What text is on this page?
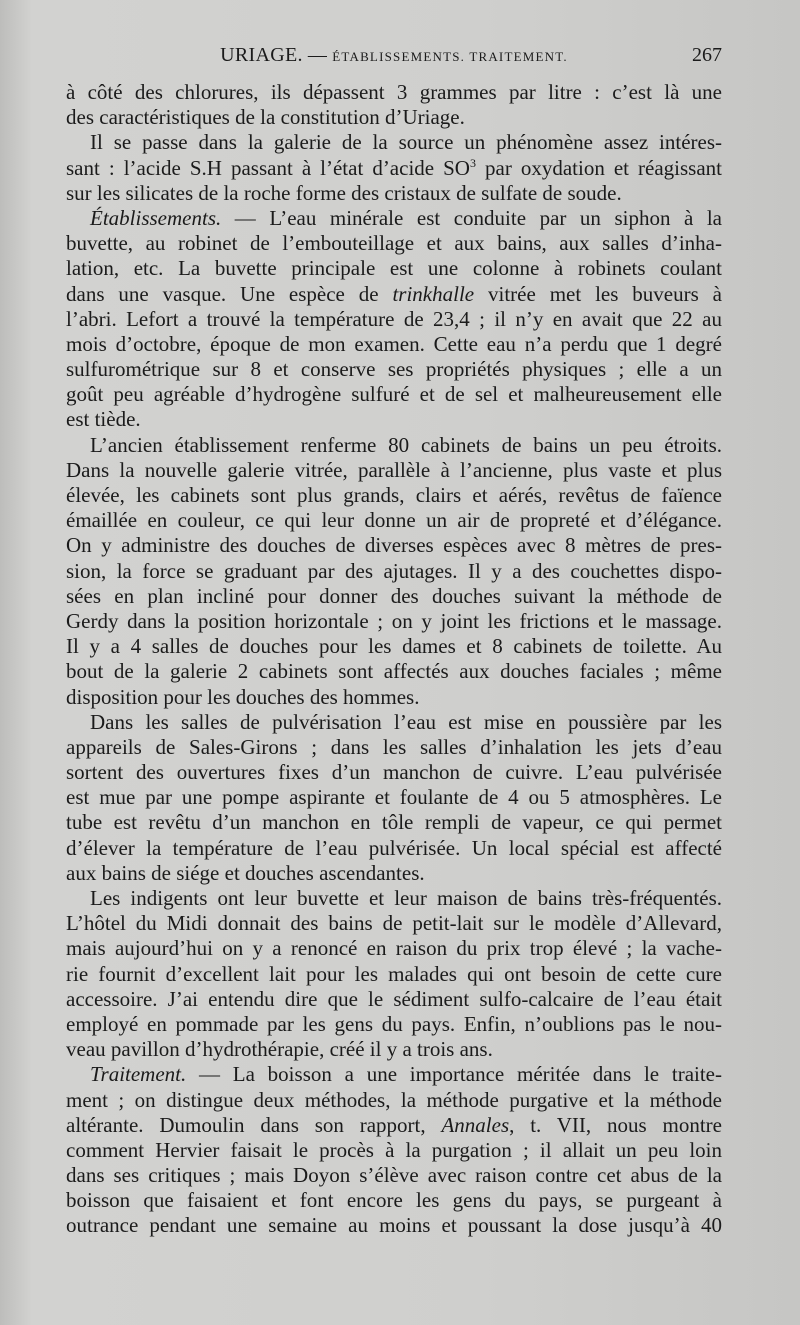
URIAGE. — ÉTABLISSEMENTS. TRAITEMENT.	267
à côté des chlorures, ils dépassent 3 grammes par litre : c’est là une
des caractéristiques de la constitution d’Uriage.
Il se passe dans la galerie de la source un phénomène assez intéres-
sant : l’acide S.H passant à l’état d’acide $SO^3$ par oxydation et réagissant
sur les silicates de la roche forme des cristaux de sulfate de soude.
Établissements. — L’eau minérale est conduite par un siphon à la
buvette, au robinet de l’embouteillage et aux bains, aux salles d’inha-
lation, etc. La buvette principale est une colonne à robinets coulant
dans une vasque. Une espèce de trinkhalle vitrée met les buveurs à
l’abri. Lefort a trouvé la température de 23,4 ; il n’y en avait que 22 au
mois d’octobre, époque de mon examen. Cette eau n’a perdu que 1 degré
sulfurométrique sur 8 et conserve ses propriétés physiques ; elle a un
goût peu agréable d’hydrogène sulfuré et de sel et malheureusement elle
est tiède.
L’ancien établissement renferme 80 cabinets de bains un peu étroits.
Dans la nouvelle galerie vitrée, parallèle à l’ancienne, plus vaste et plus
élevée, les cabinets sont plus grands, clairs et aérés, revêtus de faïence
émaillée en couleur, ce qui leur donne un air de propreté et d’élégance.
On y administre des douches de diverses espèces avec 8 mètres de pres-
sion, la force se graduant par des ajutages. Il y a des couchettes dispo-
sées en plan incliné pour donner des douches suivant la méthode de
Gerdy dans la position horizontale ; on y joint les frictions et le massage.
Il y a 4 salles de douches pour les dames et 8 cabinets de toilette. Au
bout de la galerie 2 cabinets sont affectés aux douches faciales ; même
disposition pour les douches des hommes.
Dans les salles de pulvérisation l’eau est mise en poussière par les
appareils de Sales-Girons ; dans les salles d’inhalation les jets d’eau
sortent des ouvertures fixes d’un manchon de cuivre. L’eau pulvérisée
est mue par une pompe aspirante et foulante de 4 ou 5 atmosphères. Le
tube est revêtu d’un manchon en tôle rempli de vapeur, ce qui permet
d’élever la température de l’eau pulvérisée. Un local spécial est affecté
aux bains de siége et douches ascendantes.
Les indigents ont leur buvette et leur maison de bains très-fréquentés.
L’hôtel du Midi donnait des bains de petit-lait sur le modèle d’Allevard,
mais aujourd’hui on y a renoncé en raison du prix trop élevé ; la vache-
rie fournit d’excellent lait pour les malades qui ont besoin de cette cure
accessoire. J’ai entendu dire que le sédiment sulfo-calcaire de l’eau était
employé en pommade par les gens du pays. Enfin, n’oublions pas le nou-
veau pavillon d’hydrothérapie, créé il y a trois ans.
Traitement. — La boisson a une importance méritée dans le traite-
ment ; on distingue deux méthodes, la méthode purgative et la méthode
altérante. Dumoulin dans son rapport, Annales, t. VII, nous montre
comment Hervier faisait le procès à la purgation ; il allait un peu loin
dans ses critiques ; mais Doyon s’élève avec raison contre cet abus de la
boisson que faisaient et font encore les gens du pays, se purgeant à
outrance pendant une semaine au moins et poussant la dose jusqu’à 40
